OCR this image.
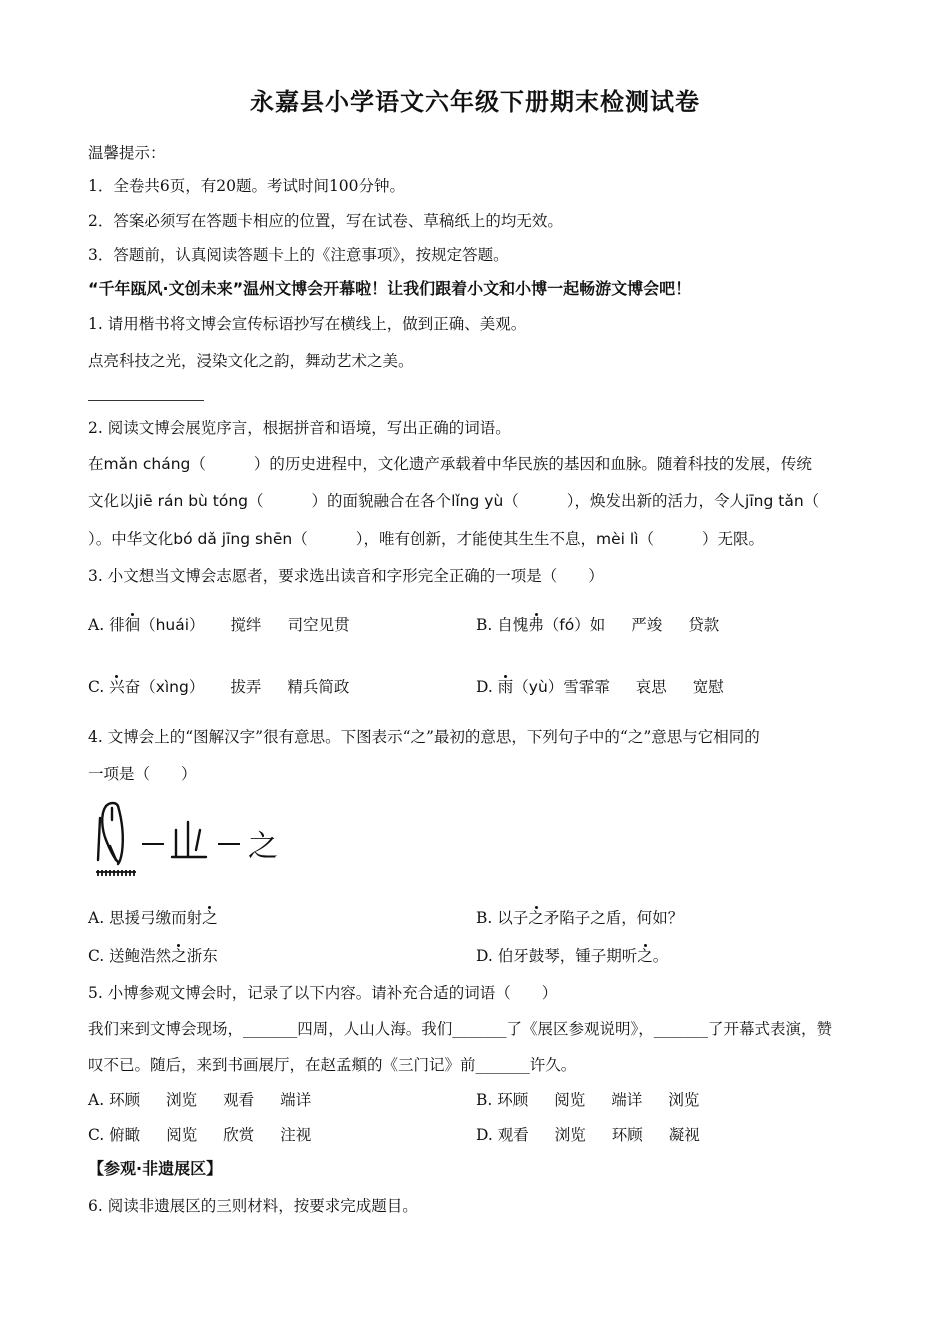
永嘉县小学语文六年级下册期末检测试卷
温馨提示：
1．全卷共6页，有20题。考试时间100分钟。
2．答案必须写在答题卡相应的位置，写在试卷、草稿纸上的均无效。
3．答题前，认真阅读答题卡上的《注意事项》，按规定答题。
“千年瓯风·文创未来”温州文博会开幕啦！让我们跟着小文和小博一起畅游文博会吧！
1. 请用楷书将文博会宣传标语抄写在横线上，做到正确、美观。
点亮科技之光，浸染文化之韵，舞动艺术之美。
2. 阅读文博会展览序言，根据拼音和语境，写出正确的词语。
在mǎn cháng（	）的历史进程中，文化遗产承载着中华民族的基因和血脉。随着科技的发展，传统
文化以jiē rán bù tóng（	）的面貌融合在各个lǐng yù（	），焕发出新的活力，令人jīng tǎn（
）。中华文化bó dǎ jīng shēn（	），唯有创新，才能使其生生不息，mèi lì（	）无限。
3. 小文想当文博会志愿者，要求选出读音和字形完全正确的一项是（　　）
A. 徘徊（huái） 搅绊 司空见贯	B. 自愧弗（fó）如 严竣 贷款
C. 兴奋（xìng） 拔弄 精兵简政	D. 雨（yù）雪霏霏 哀思 宽慰
4. 文博会上的“图解汉字”很有意思。下图表示“之”最初的意思，下列句子中的“之”意思与它相同的
一项是（　　）
之
A. 思援弓缴而射之	B. 以子之矛陷子之盾，何如？
C. 送鲍浩然之浙东	D. 伯牙鼓琴，锺子期听之。
5. 小博参观文博会时，记录了以下内容。请补充合适的词语（　　）
我们来到文博会现场，_______四周，人山人海。我们_______了《展区参观说明》，_______了开幕式表演，赞
叹不已。随后，来到书画展厅，在赵孟頫的《三门记》前_______许久。
A. 环顾 浏览 观看 端详	B. 环顾 阅览 端详 浏览
C. 俯瞰 阅览 欣赏 注视	D. 观看 浏览 环顾 凝视
【参观·非遗展区】
6. 阅读非遗展区的三则材料，按要求完成题目。
